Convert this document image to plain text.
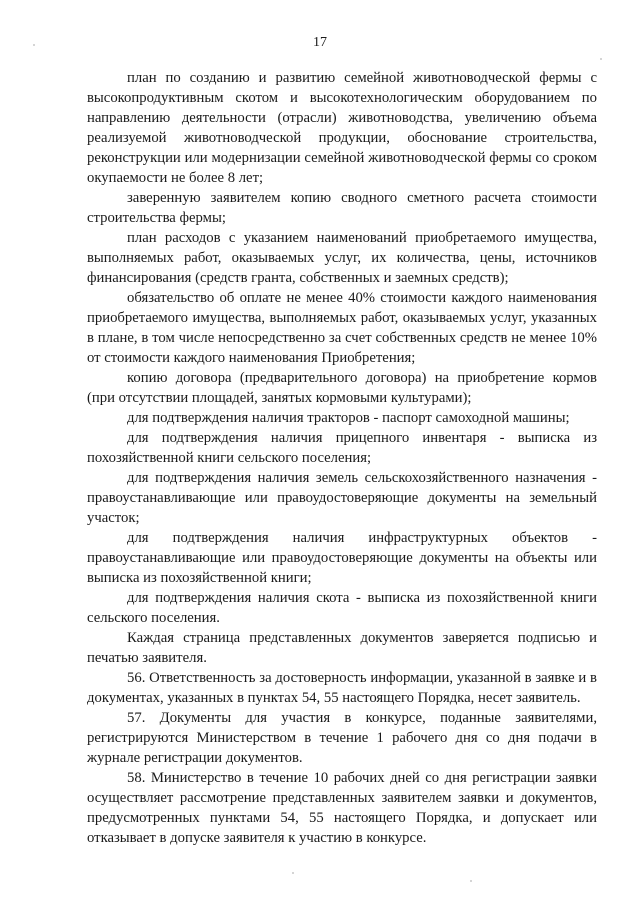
17

план по созданию и развитию семейной животноводческой фермы с высокопродуктивным скотом и высокотехнологическим оборудованием по направлению деятельности (отрасли) животноводства, увеличению объема реализуемой животноводческой продукции, обоснование строительства, реконструкции или модернизации семейной животноводческой фермы со сроком окупаемости не более 8 лет;

заверенную заявителем копию сводного сметного расчета стоимости строительства фермы;

план расходов с указанием наименований приобретаемого имущества, выполняемых работ, оказываемых услуг, их количества, цены, источников финансирования (средств гранта, собственных и заемных средств);

обязательство об оплате не менее 40% стоимости каждого наименования приобретаемого имущества, выполняемых работ, оказываемых услуг, указанных в плане, в том числе непосредственно за счет собственных средств не менее 10% от стоимости каждого наименования Приобретения;

копию договора (предварительного договора) на приобретение кормов (при отсутствии площадей, занятых кормовыми культурами);

для подтверждения наличия тракторов - паспорт самоходной машины;

для подтверждения наличия прицепного инвентаря - выписка из похозяйственной книги сельского поселения;

для подтверждения наличия земель сельскохозяйственного назначения - правоустанавливающие или правоудостоверяющие документы на земельный участок;

для подтверждения наличия инфраструктурных объектов - правоустанавливающие или правоудостоверяющие документы на объекты или выписка из похозяйственной книги;

для подтверждения наличия скота - выписка из похозяйственной книги сельского поселения.

Каждая страница представленных документов заверяется подписью и печатью заявителя.

56. Ответственность за достоверность информации, указанной в заявке и в документах, указанных в пунктах 54, 55 настоящего Порядка, несет заявитель.

57. Документы для участия в конкурсе, поданные заявителями, регистрируются Министерством в течение 1 рабочего дня со дня подачи в журнале регистрации документов.

58. Министерство в течение 10 рабочих дней со дня регистрации заявки осуществляет рассмотрение представленных заявителем заявки и документов, предусмотренных пунктами 54, 55 настоящего Порядка, и допускает или отказывает в допуске заявителя к участию в конкурсе.
